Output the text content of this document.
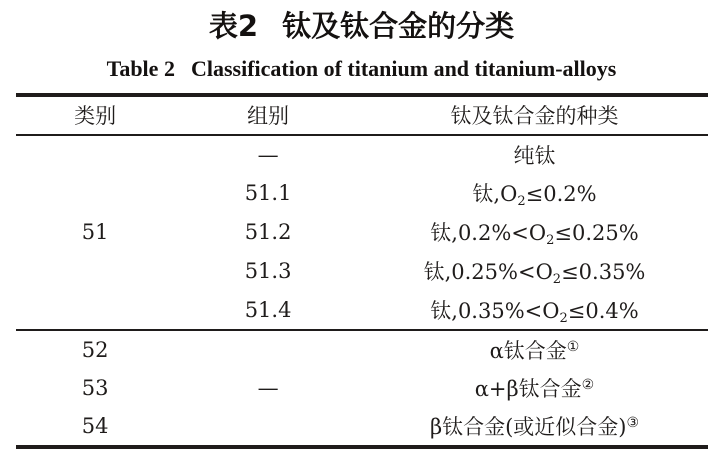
表2 钛及钛合金的分类
Table 2 Classification of titanium and titanium-alloys
类别	组别	钛及钛合金的种类
51	—	纯钛
	51.1	钛$,O_2\le 0.2\%$
	51.2	钛$,0.2\%<O_2\le 0.25\%$
	51.3	钛$,0.25\%<O_2\le 0.35\%$
	51.4	钛$,0.35\%<O_2\le 0.4\%$
52	—	α钛合金①
53		α+β钛合金②
54		β钛合金(或近似合金)③
